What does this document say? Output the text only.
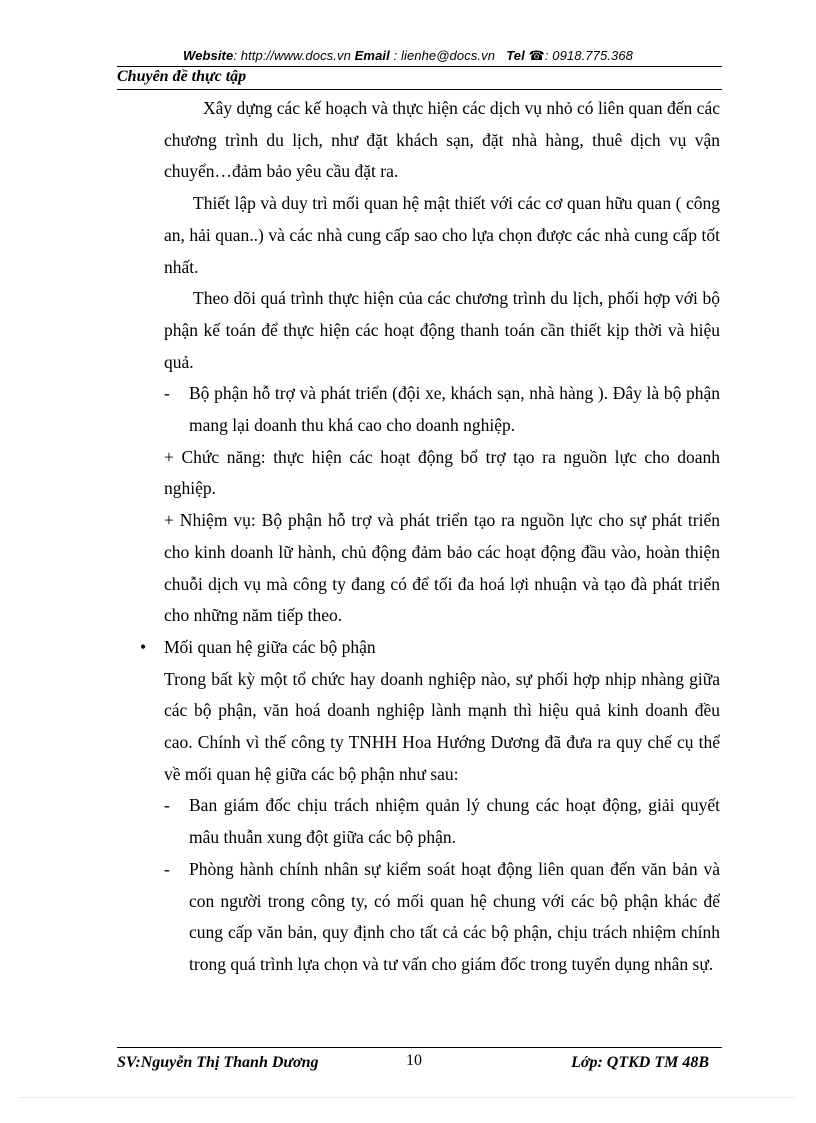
Website: http://www.docs.vn Email : lienhe@docs.vn Tel ☎: 0918.775.368
Chuyên đề thực tập

Xây dựng các kế hoạch và thực hiện các dịch vụ nhỏ có liên quan đến các chương trình du lịch, như đặt khách sạn, đặt nhà hàng, thuê dịch vụ vận chuyển…đảm bảo yêu cầu đặt ra.

Thiết lập và duy trì mối quan hệ mật thiết với các cơ quan hữu quan ( công an, hải quan..) và các nhà cung cấp sao cho lựa chọn được các nhà cung cấp tốt nhất.

Theo dõi quá trình thực hiện của các chương trình du lịch, phối hợp với bộ phận kế toán để thực hiện các hoạt động thanh toán cần thiết kịp thời và hiệu quả.

- Bộ phận hỗ trợ và phát triển (đội xe, khách sạn, nhà hàng ). Đây là bộ phận mang lại doanh thu khá cao cho doanh nghiệp.

+ Chức năng: thực hiện các hoạt động bổ trợ tạo ra nguồn lực cho doanh nghiệp.

+ Nhiệm vụ: Bộ phận hỗ trợ và phát triển tạo ra nguồn lực cho sự phát triển cho kinh doanh lữ hành, chủ động đảm bảo các hoạt động đầu vào, hoàn thiện chuỗi dịch vụ mà công ty đang có để tối đa hoá lợi nhuận và tạo đà phát triển cho những năm tiếp theo.

• Mối quan hệ giữa các bộ phận

Trong bất kỳ một tổ chức hay doanh nghiệp nào, sự phối hợp nhịp nhàng giữa các bộ phận, văn hoá doanh nghiệp lành mạnh thì hiệu quả kinh doanh đều cao. Chính vì thế công ty TNHH Hoa Hướng Dương đã đưa ra quy chế cụ thể về mối quan hệ giữa các bộ phận như sau:

- Ban giám đốc chịu trách nhiệm quản lý chung các hoạt động, giải quyết mâu thuẫn xung đột giữa các bộ phận.
- Phòng hành chính nhân sự kiểm soát hoạt động liên quan đến văn bản và con người trong công ty, có mối quan hệ chung với các bộ phận khác để cung cấp văn bản, quy định cho tất cả các bộ phận, chịu trách nhiệm chính trong quá trình lựa chọn và tư vấn cho giám đốc trong tuyển dụng nhân sự.
SV:Nguyễn Thị Thanh Dương	10	Lớp: QTKD TM 48B
